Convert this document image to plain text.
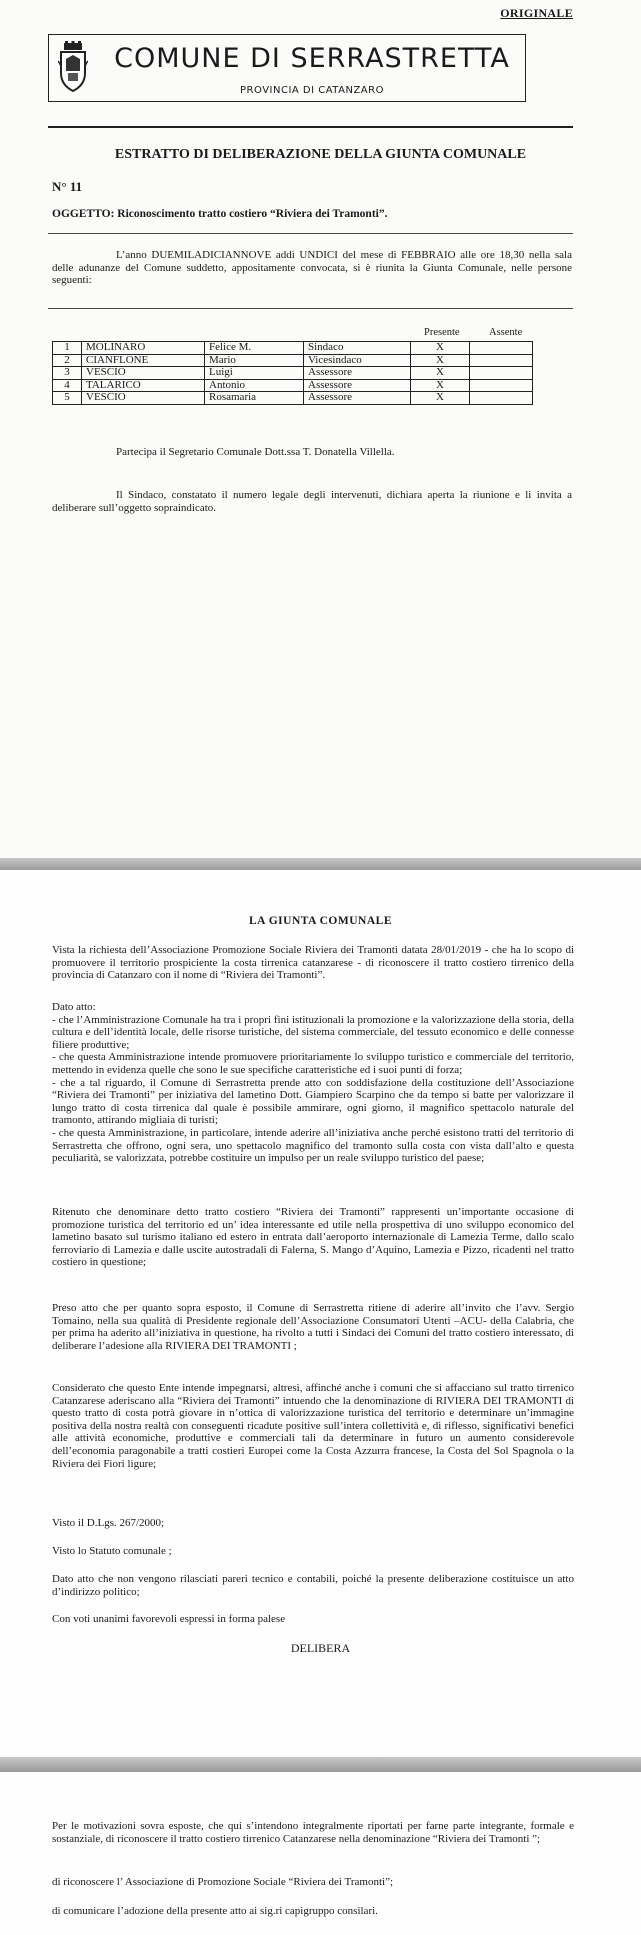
ORIGINALE
COMUNE DI SERRASTRETTA
PROVINCIA DI CATANZARO
ESTRATTO DI DELIBERAZIONE DELLA GIUNTA COMUNALE
N° 11
OGGETTO: Riconoscimento tratto costiero “Riviera dei Tramonti”.

L’anno DUEMILADICIANNOVE addì UNDICI del mese di FEBBRAIO alle ore 18,30 nella sala delle adunanze del Comune suddetto, appositamente convocata, si è riunita la Giunta Comunale, nelle persone seguenti:

Presente	Assente
1	MOLINARO	Felice M.	Sindaco	X	
2	CIANFLONE	Mario	Vicesindaco	X	
3	VESCIO	Luigi	Assessore	X	
4	TALARICO	Antonio	Assessore	X	
5	VESCIO	Rosamaria	Assessore	X	

Partecipa il Segretario Comunale Dott.ssa T. Donatella Villella.

Il Sindaco, constatato il numero legale degli intervenuti, dichiara aperta la riunione e li invita a deliberare sull’oggetto sopraindicato.

LA GIUNTA COMUNALE

Vista la richiesta dell’Associazione Promozione Sociale Riviera dei Tramonti datata 28/01/2019 - che ha lo scopo di promuovere il territorio prospiciente la costa tirrenica catanzarese - di riconoscere il tratto costiero tirrenico della provincia di Catanzaro con il nome di “Riviera dei Tramonti”.

Dato atto:

- che l’Amministrazione Comunale ha tra i propri fini istituzionali la promozione e la valorizzazione della storia, della cultura e dell’identità locale, delle risorse turistiche, del sistema commerciale, del tessuto economico e delle connesse filiere produttive;

- che questa Amministrazione intende promuovere prioritariamente lo sviluppo turistico e commerciale del territorio, mettendo in evidenza quelle che sono le sue specifiche caratteristiche ed i suoi punti di forza;

- che a tal riguardo, il Comune di Serrastretta prende atto con soddisfazione della costituzione dell’Associazione “Riviera dei Tramonti” per iniziativa del lametino Dott. Giampiero Scarpino che da tempo si batte per valorizzare il lungo tratto di costa tirrenica dal quale è possibile ammirare, ogni giorno, il magnifico spettacolo naturale del tramonto, attirando migliaia di turisti;

- che questa Amministrazione, in particolare, intende aderire all’iniziativa anche perché esistono tratti del territorio di Serrastretta che offrono, ogni sera, uno spettacolo magnifico del tramonto sulla costa con vista dall’alto e questa peculiarità, se valorizzata, potrebbe costituire un impulso per un reale sviluppo turistico del paese;

Ritenuto che denominare detto tratto costiero “Riviera dei Tramonti” rappresenti un’importante occasione di promozione turistica del territorio ed un’ idea interessante ed utile nella prospettiva di uno sviluppo economico del lametino basato sul turismo italiano ed estero in entrata dall’aeroporto internazionale di Lamezia Terme, dallo scalo ferroviario di Lamezia e dalle uscite autostradali di Falerna, S. Mango d’Aquino, Lamezia e Pizzo, ricadenti nel tratto costiero in questione;

Preso atto che per quanto sopra esposto, il Comune di Serrastretta ritiene di aderire all’invito che l’avv. Sergio Tomaino, nella sua qualità di Presidente regionale dell’Associazione Consumatori Utenti –ACU- della Calabria, che per prima ha aderito all’iniziativa in questione, ha rivolto a tutti i Sindaci dei Comuni del tratto costiero interessato, di deliberare l’adesione alla RIVIERA DEI TRAMONTI ;

Considerato che questo Ente intende impegnarsi, altresì, affinché anche i comuni che si affacciano sul tratto tirrenico Catanzarese aderiscano alla “Riviera dei Tramonti” intuendo che la denominazione di RIVIERA DEI TRAMONTI di questo tratto di costa potrà giovare in n’ottica di valorizzazione turistica del territorio e determinare un’immagine positiva della nostra realtà con conseguenti ricadute positive sull’intera collettività e, di riflesso, significativi benefici alle attività economiche, produttive e commerciali tali da determinare in futuro un aumento considerevole dell’economia paragonabile a tratti costieri Europei come la Costa Azzurra francese, la Costa del Sol Spagnola o la Riviera dei Fiori ligure;

Visto il D.Lgs. 267/2000;

Visto lo Statuto comunale ;

Dato atto che non vengono rilasciati pareri tecnico e contabili, poiché la presente deliberazione costituisce un atto d’indirizzo politico;

Con voti unanimi favorevoli espressi in forma palese

DELIBERA

Per le motivazioni sovra esposte, che qui s’intendono integralmente riportati per farne parte integrante, formale e sostanziale, di riconoscere il tratto costiero tirrenico Catanzarese nella denominazione “Riviera dei Tramonti ”;

di riconoscere l’ Associazione di Promozione Sociale “Riviera dei Tramonti”;

di comunicare l’adozione della presente atto ai sig.ri capigruppo consilari.
